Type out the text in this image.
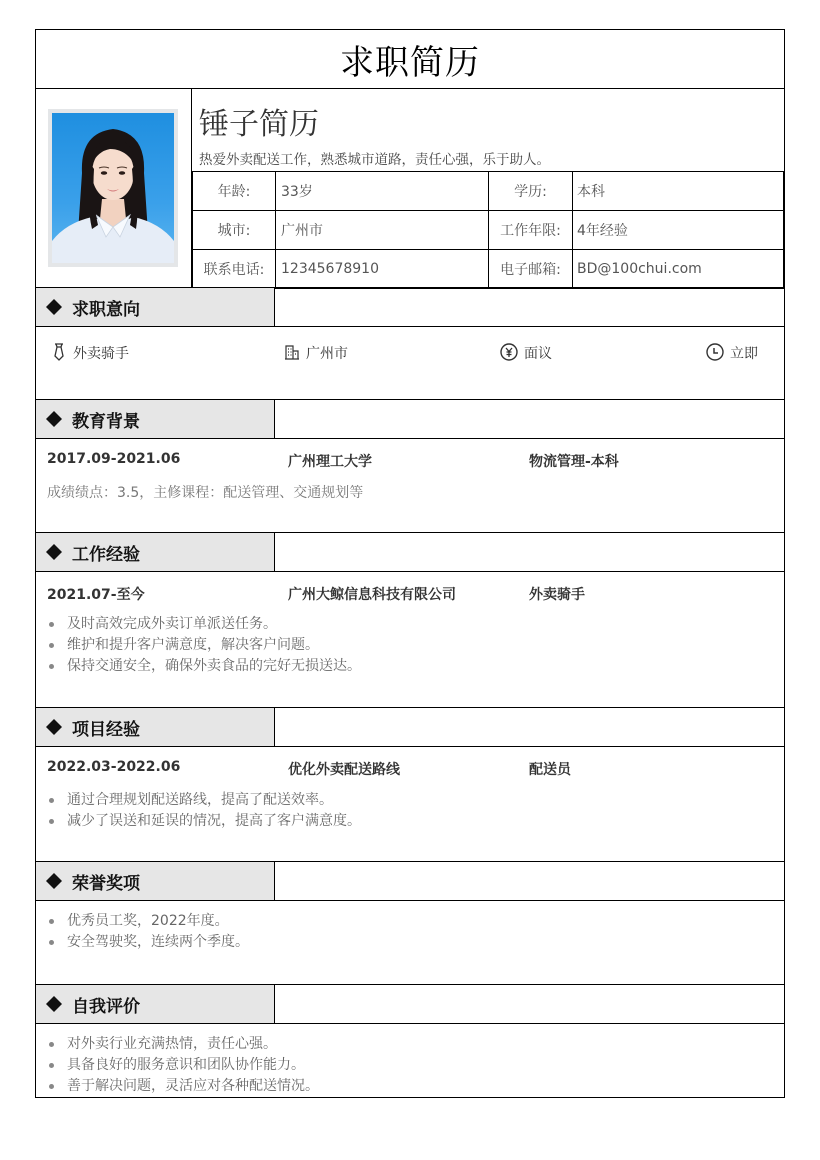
求职简历
锤子简历
热爱外卖配送工作，熟悉城市道路，责任心强，乐于助人。
年龄:	33岁	学历:	本科
城市:	广州市	工作年限:	4年经验
联系电话:	12345678910	电子邮箱:	BD@100chui.com
求职意向
外卖骑手	广州市	面议	立即
教育背景
2017.09-2021.06	广州理工大学	物流管理-本科
成绩绩点：3.5，主修课程：配送管理、交通规划等
工作经验
2021.07-至今	广州大鲸信息科技有限公司	外卖骑手
及时高效完成外卖订单派送任务。
维护和提升客户满意度，解决客户问题。
保持交通安全，确保外卖食品的完好无损送达。
项目经验
2022.03-2022.06	优化外卖配送路线	配送员
通过合理规划配送路线，提高了配送效率。
减少了误送和延误的情况，提高了客户满意度。
荣誉奖项
优秀员工奖，2022年度。
安全驾驶奖，连续两个季度。
自我评价
对外卖行业充满热情，责任心强。
具备良好的服务意识和团队协作能力。
善于解决问题，灵活应对各种配送情况。
